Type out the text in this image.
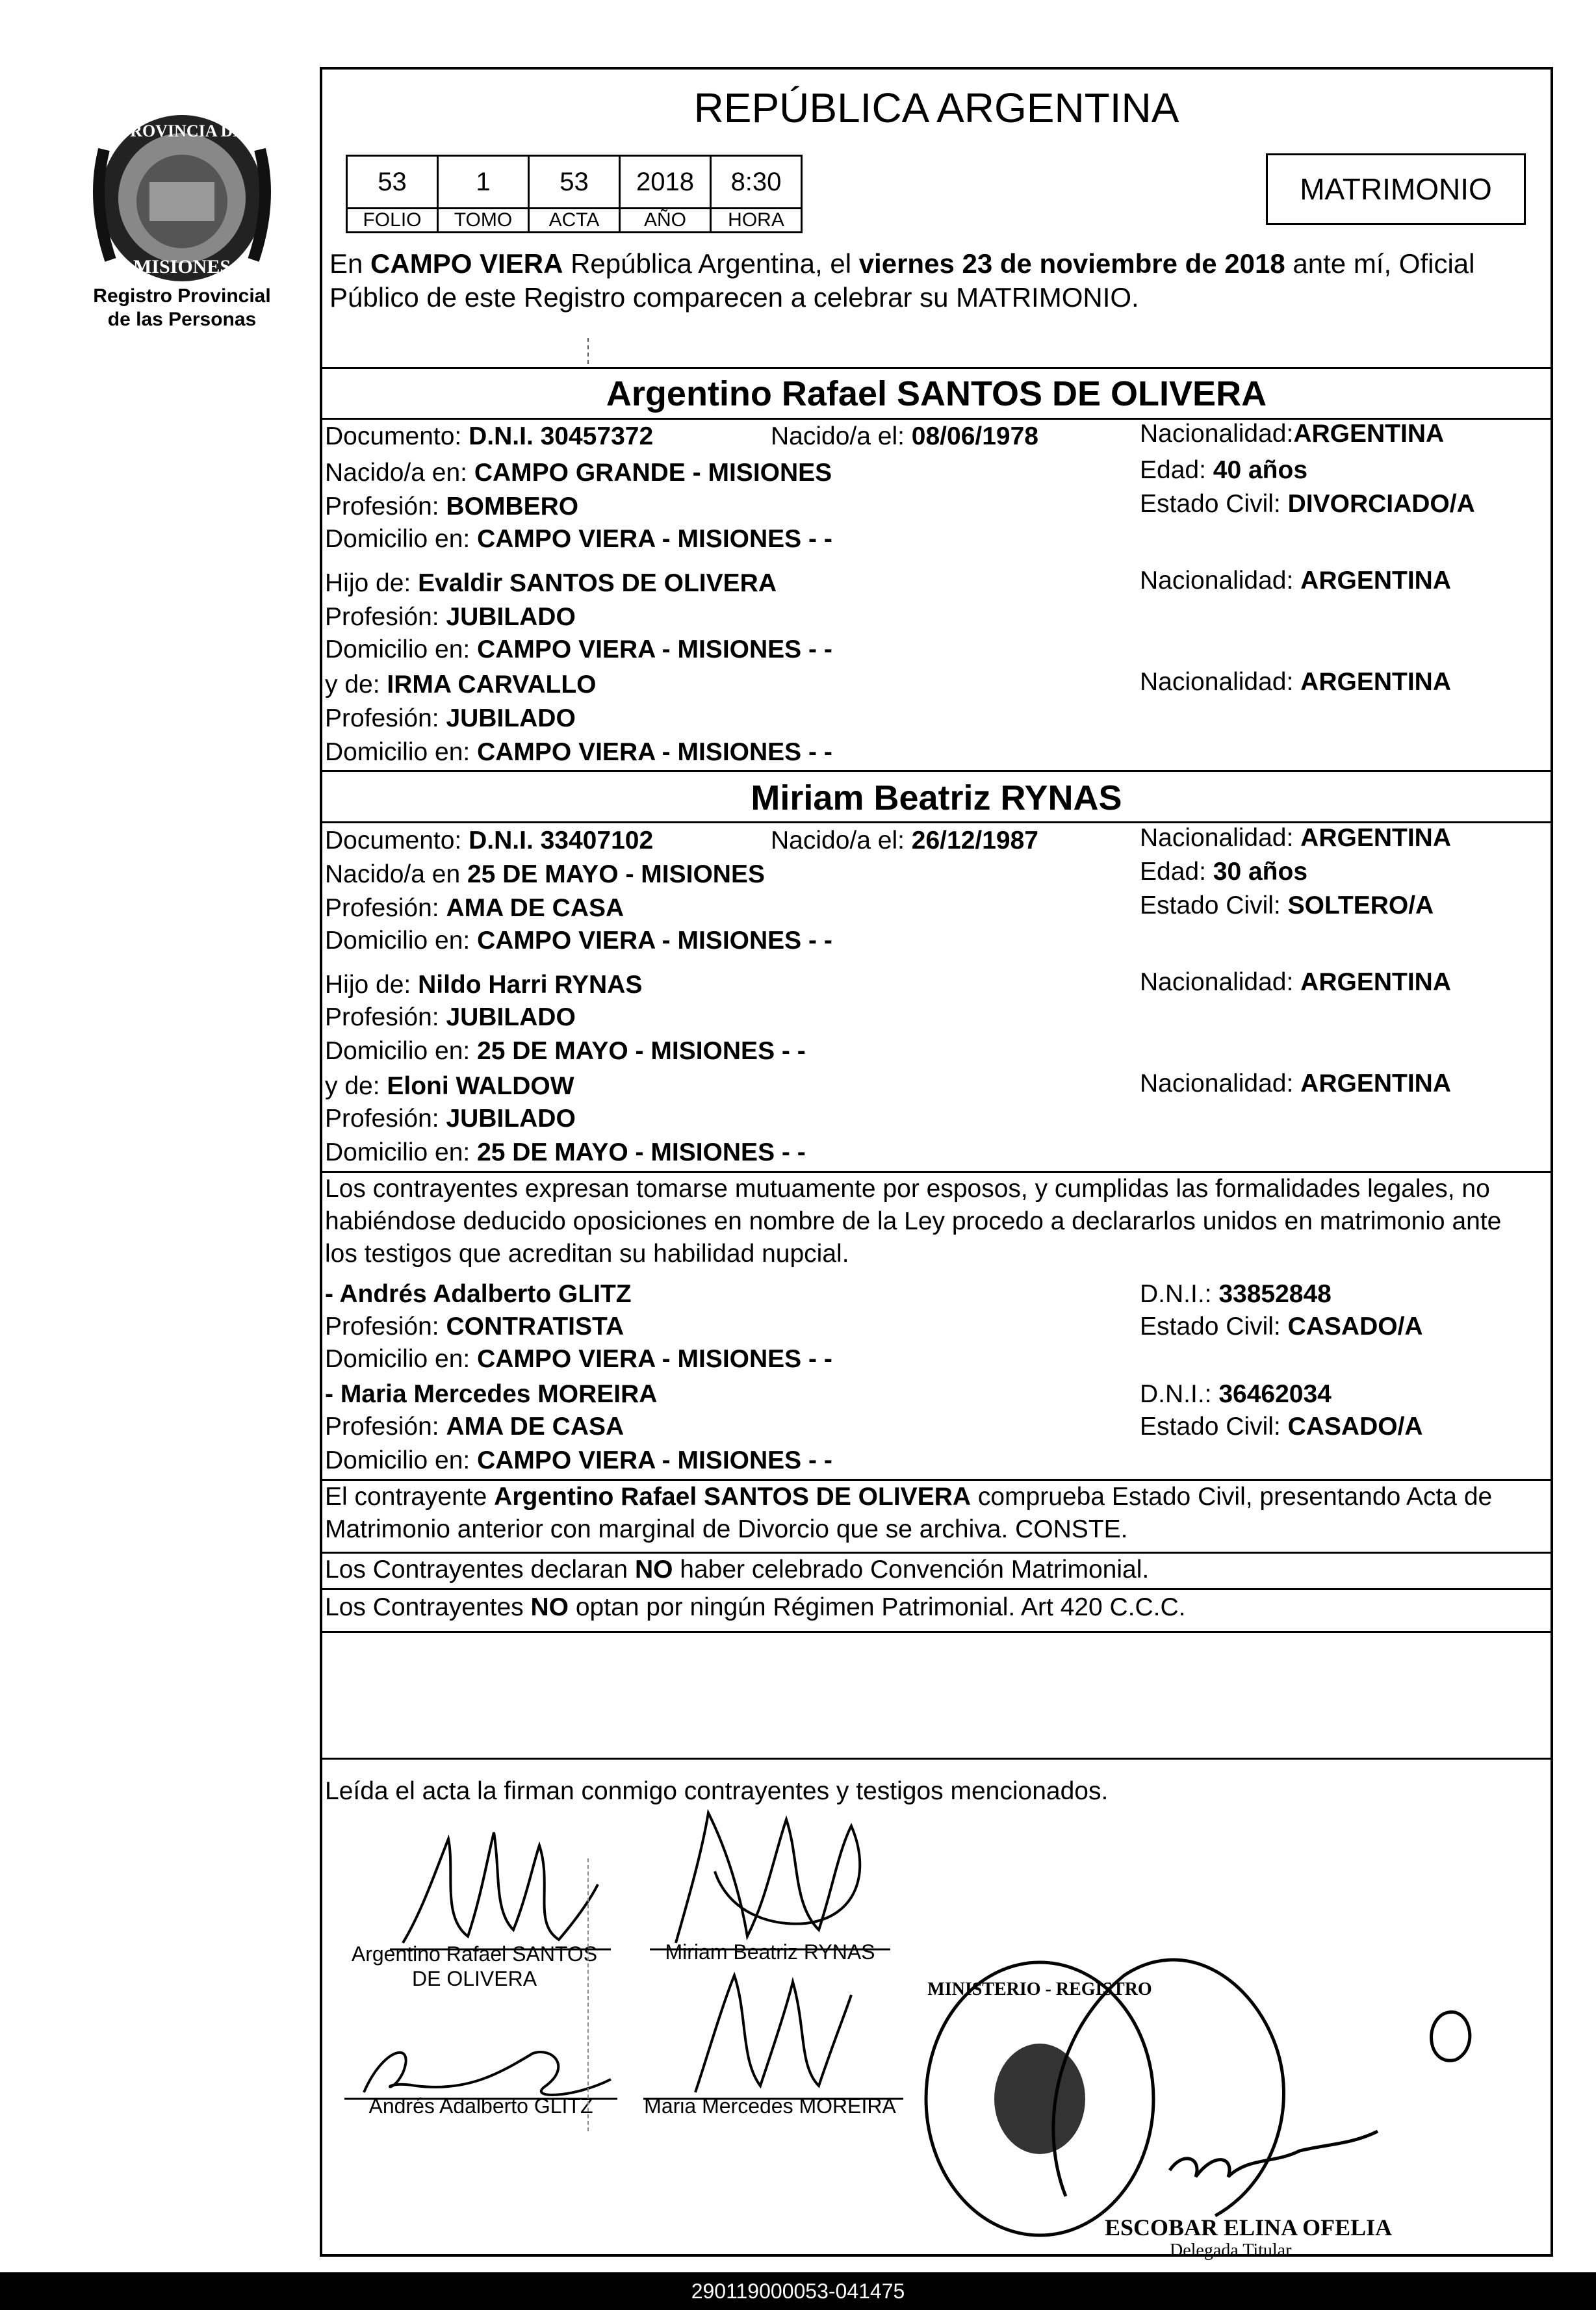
PROVINCIA DE
MISIONES
Registro Provincial
de las Personas
REPÚBLICA ARGENTINA
53	1	53	2018	8:30
FOLIO	TOMO	ACTA	AÑO	HORA
MATRIMONIO
En CAMPO VIERA República Argentina, el viernes 23 de noviembre de 2018 ante mí, Oficial
Público de este Registro comparecen a celebrar su MATRIMONIO.
Argentino Rafael SANTOS DE OLIVERA
Documento: D.N.I. 30457372	Nacido/a el: 08/06/1978	Nacionalidad:ARGENTINA
Nacido/a en: CAMPO GRANDE - MISIONES	Edad: 40 años
Profesión: BOMBERO	Estado Civil: DIVORCIADO/A
Domicilio en: CAMPO VIERA - MISIONES - -
Hijo de: Evaldir SANTOS DE OLIVERA	Nacionalidad: ARGENTINA
Profesión: JUBILADO
Domicilio en: CAMPO VIERA - MISIONES - -
y de: IRMA CARVALLO	Nacionalidad: ARGENTINA
Profesión: JUBILADO
Domicilio en: CAMPO VIERA - MISIONES - -
Miriam Beatriz RYNAS
Documento: D.N.I. 33407102	Nacido/a el: 26/12/1987	Nacionalidad: ARGENTINA
Nacido/a en 25 DE MAYO - MISIONES	Edad: 30 años
Profesión: AMA DE CASA	Estado Civil: SOLTERO/A
Domicilio en: CAMPO VIERA - MISIONES - -
Hijo de: Nildo Harri RYNAS	Nacionalidad: ARGENTINA
Profesión: JUBILADO
Domicilio en: 25 DE MAYO - MISIONES - -
y de: Eloni WALDOW	Nacionalidad: ARGENTINA
Profesión: JUBILADO
Domicilio en: 25 DE MAYO - MISIONES - -
Los contrayentes expresan tomarse mutuamente por esposos, y cumplidas las formalidades legales, no
habiéndose deducido oposiciones en nombre de la Ley procedo a declararlos unidos en matrimonio ante
los testigos que acreditan su habilidad nupcial.
- Andrés Adalberto GLITZ	D.N.I.: 33852848
Profesión: CONTRATISTA	Estado Civil: CASADO/A
Domicilio en: CAMPO VIERA - MISIONES - -
- Maria Mercedes MOREIRA	D.N.I.: 36462034
Profesión: AMA DE CASA	Estado Civil: CASADO/A
Domicilio en: CAMPO VIERA - MISIONES - -
El contrayente Argentino Rafael SANTOS DE OLIVERA comprueba Estado Civil, presentando Acta de
Matrimonio anterior con marginal de Divorcio que se archiva. CONSTE.
Los Contrayentes declaran NO haber celebrado Convención Matrimonial.
Los Contrayentes NO optan por ningún Régimen Patrimonial. Art 420 C.C.C.
Leída el acta la firman conmigo contrayentes y testigos mencionados.
Argentino Rafael SANTOS
DE OLIVERA
Miriam Beatriz RYNAS
Andrés Adalberto GLITZ	Maria Mercedes MOREIRA
MINISTERIO - REGISTRO
ESCOBAR ELINA OFELIA
Delegada Titular
290119000053-041475
